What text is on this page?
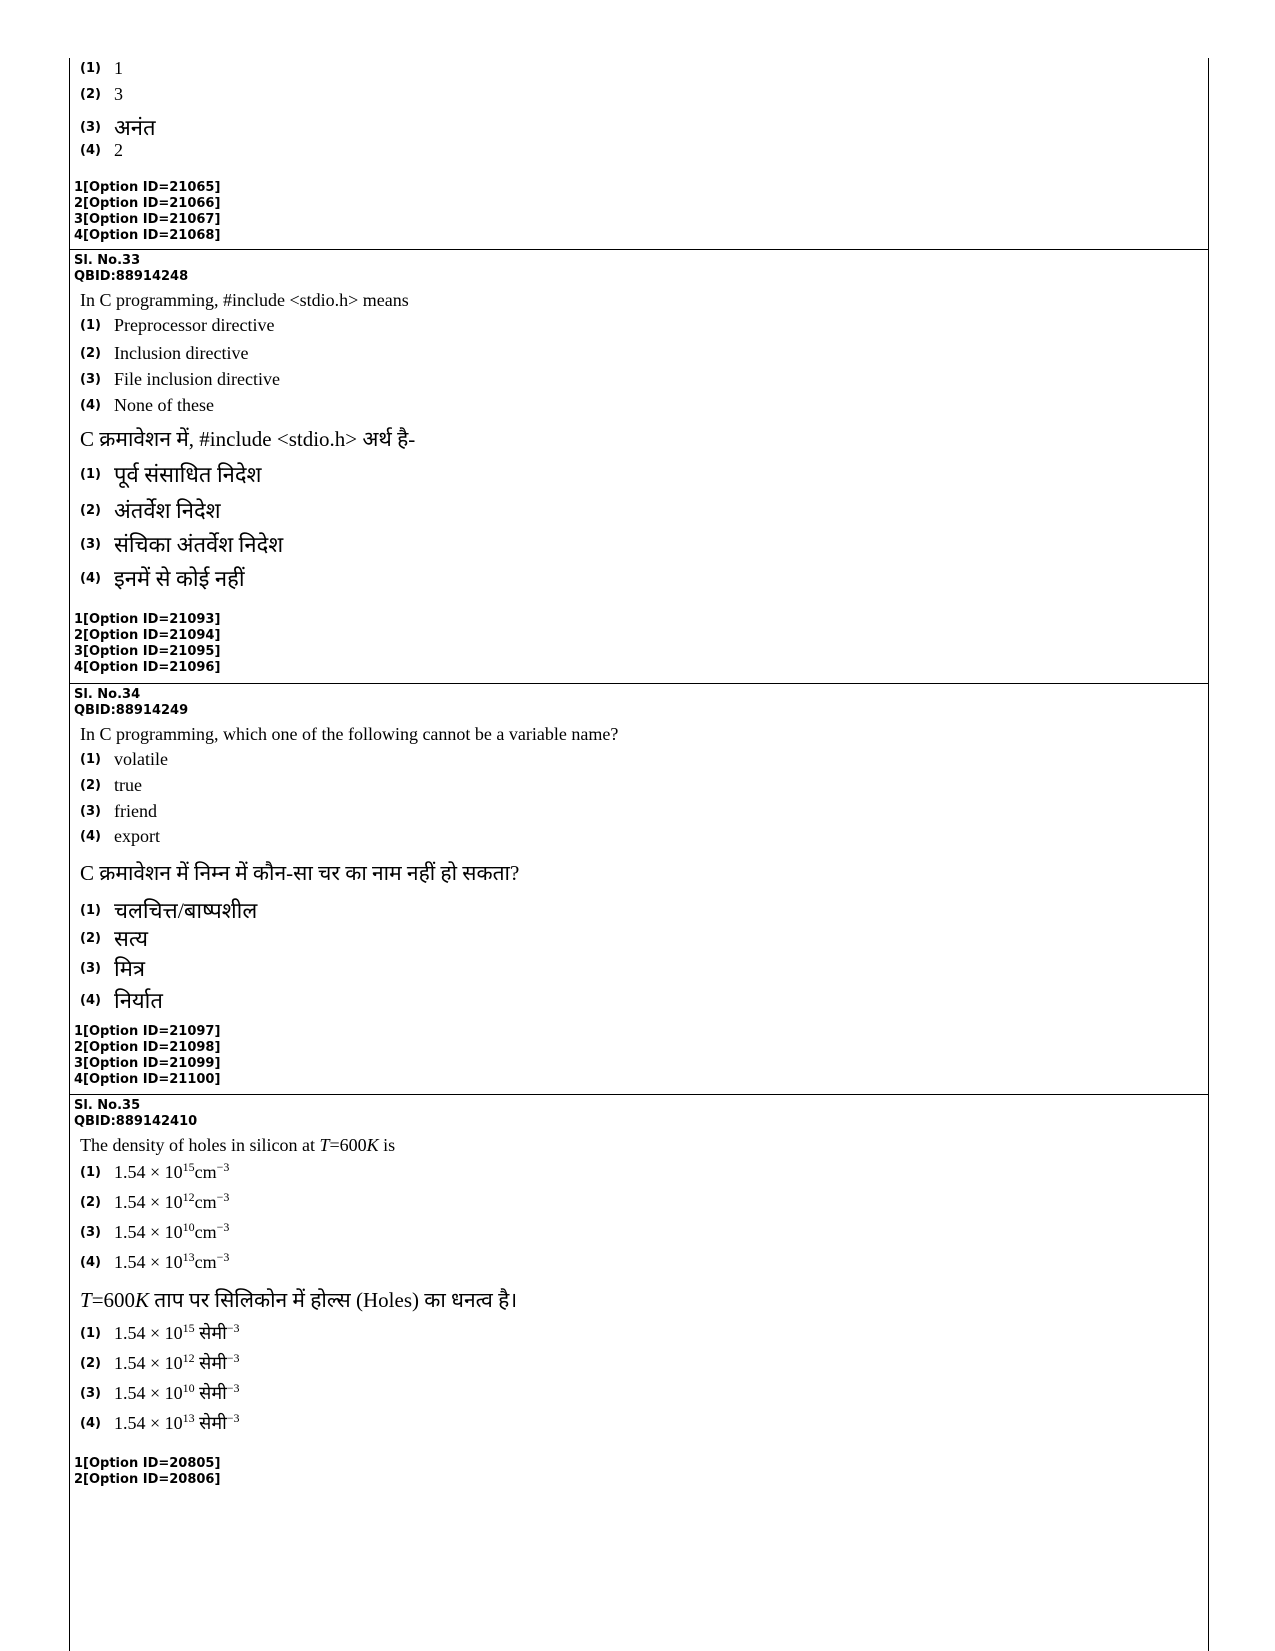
(1) 1
(2) 3
(3) अनंत
(4) 2
1[Option ID=21065]
2[Option ID=21066]
3[Option ID=21067]
4[Option ID=21068]
Sl. No.33
QBID:88914248
In C programming, #include <stdio.h> means
(1) Preprocessor directive
(2) Inclusion directive
(3) File inclusion directive
(4) None of these
C क्रमावेशन में, #include <stdio.h> अर्थ है-
(1) पूर्व संसाधित निदेश
(2) अंतर्वेश निदेश
(3) संचिका अंतर्वेश निदेश
(4) इनमें से कोई नहीं
1[Option ID=21093]
2[Option ID=21094]
3[Option ID=21095]
4[Option ID=21096]
Sl. No.34
QBID:88914249
In C programming, which one of the following cannot be a variable name?
(1) volatile
(2) true
(3) friend
(4) export
C क्रमावेशन में निम्न में कौन-सा चर का नाम नहीं हो सकता?
(1) चलचित्त/बाष्पशील
(2) सत्य
(3) मित्र
(4) निर्यात
1[Option ID=21097]
2[Option ID=21098]
3[Option ID=21099]
4[Option ID=21100]
Sl. No.35
QBID:889142410
The density of holes in silicon at T=600K is
(1) $1.54 \times 10^{15}cm^{-3}$
(2) $1.54 \times 10^{12}cm^{-3}$
(3) $1.54 \times 10^{10}cm^{-3}$
(4) $1.54 \times 10^{13}cm^{-3}$
T=600K ताप पर सिलिकोन में होल्स (Holes) का धनत्व है।
(1) $1.54 \times 10^{15}$ सेमी$^{-3}$
(2) $1.54 \times 10^{12}$ सेमी$^{-3}$
(3) $1.54 \times 10^{10}$ सेमी$^{-3}$
(4) $1.54 \times 10^{13}$ सेमी$^{-3}$
1[Option ID=20805]
2[Option ID=20806]
